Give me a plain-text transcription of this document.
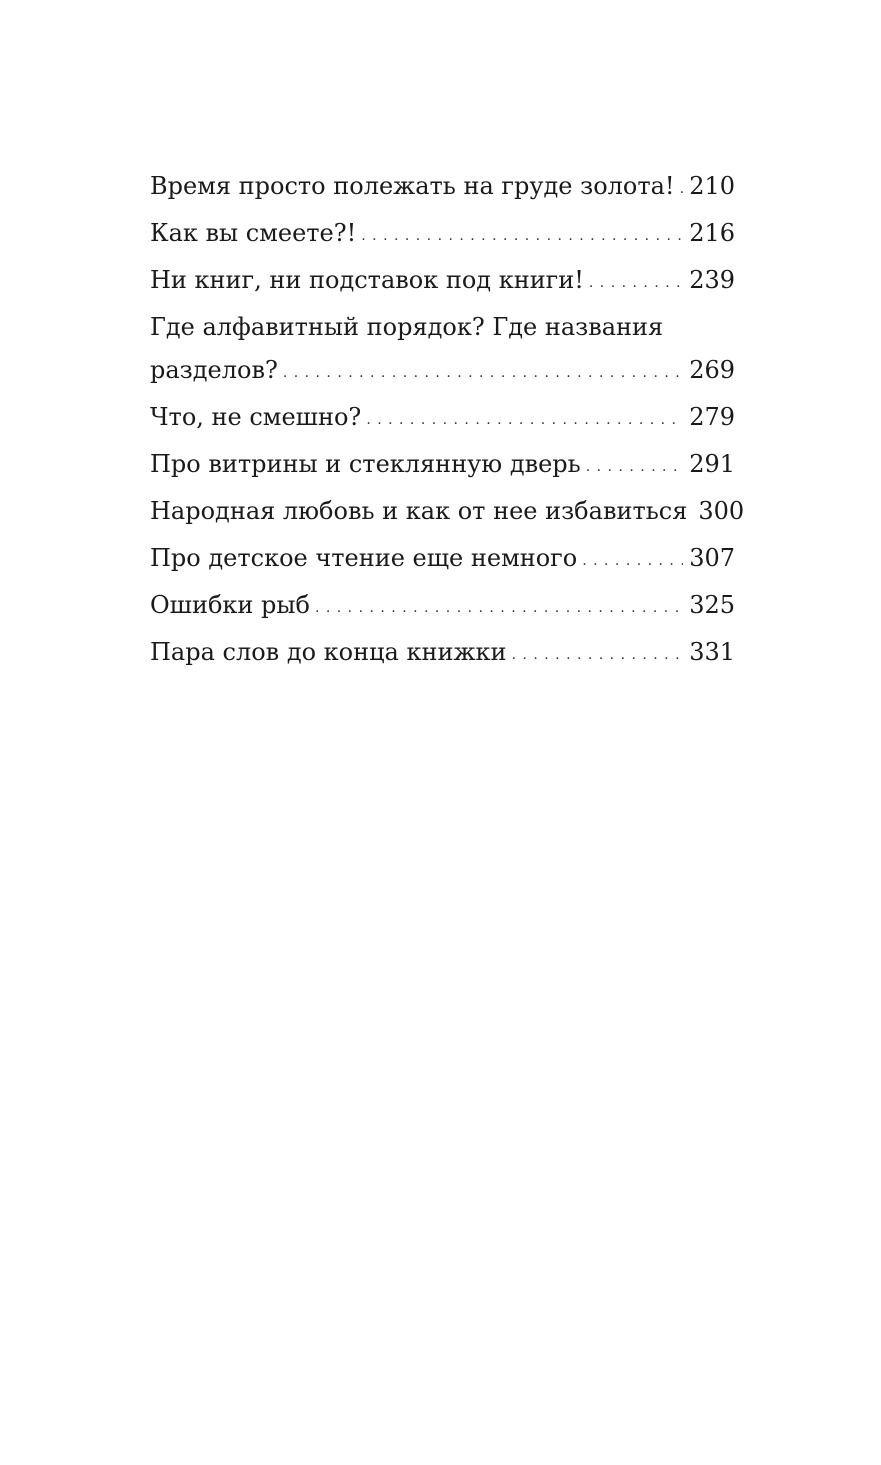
Время просто полежать на груде золота! . . . 210
Как вы смеете?! . . .	216
Ни книг, ни подставок под книги! . . .	239
Где алфавитный порядок? Где названия
разделов? . . .	269
Что, не смешно? . . .	279
Про витрины и стеклянную дверь . . .	291
Народная любовь и как от нее избавиться 300
Про детское чтение еще немного . . .	307
Ошибки рыб . . .	325
Пара слов до конца книжки . . .	331
